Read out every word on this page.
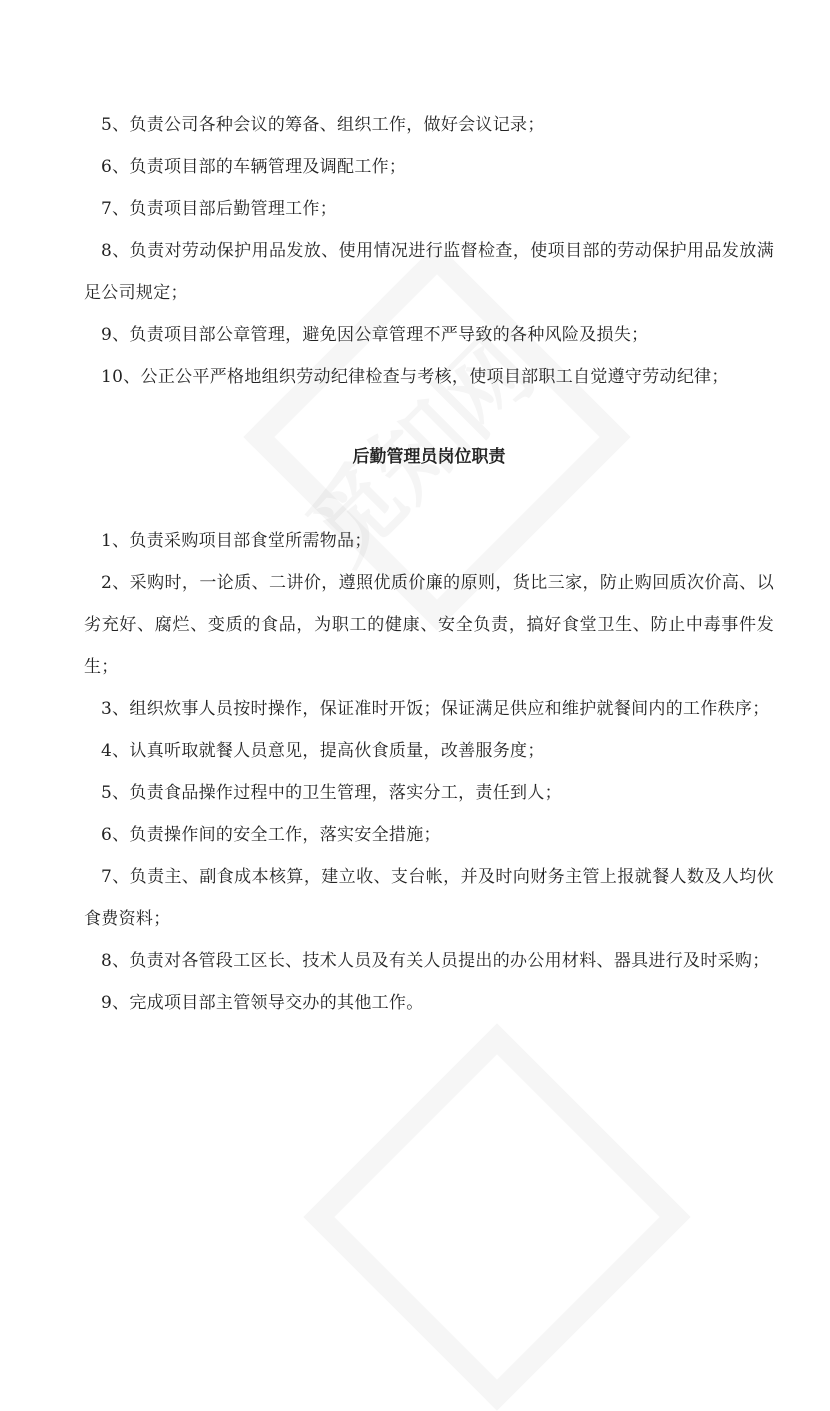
5、负责公司各种会议的筹备、组织工作，做好会议记录；

6、负责项目部的车辆管理及调配工作；

7、负责项目部后勤管理工作；

8、负责对劳动保护用品发放、使用情况进行监督检查，使项目部的劳动保护用品发放满足公司规定；

9、负责项目部公章管理，避免因公章管理不严导致的各种风险及损失；

10、公正公平严格地组织劳动纪律检查与考核，使项目部职工自觉遵守劳动纪律；

后勤管理员岗位职责

1、负责采购项目部食堂所需物品；

2、采购时，一论质、二讲价，遵照优质价廉的原则，货比三家，防止购回质次价高、以劣充好、腐烂、变质的食品，为职工的健康、安全负责，搞好食堂卫生、防止中毒事件发生；

3、组织炊事人员按时操作，保证准时开饭；保证满足供应和维护就餐间内的工作秩序；

4、认真听取就餐人员意见，提高伙食质量，改善服务度；

5、负责食品操作过程中的卫生管理，落实分工，责任到人；

6、负责操作间的安全工作，落实安全措施；

7、负责主、副食成本核算，建立收、支台帐，并及时向财务主管上报就餐人数及人均伙食费资料；

8、负责对各管段工区长、技术人员及有关人员提出的办公用材料、器具进行及时采购；

9、完成项目部主管领导交办的其他工作。
